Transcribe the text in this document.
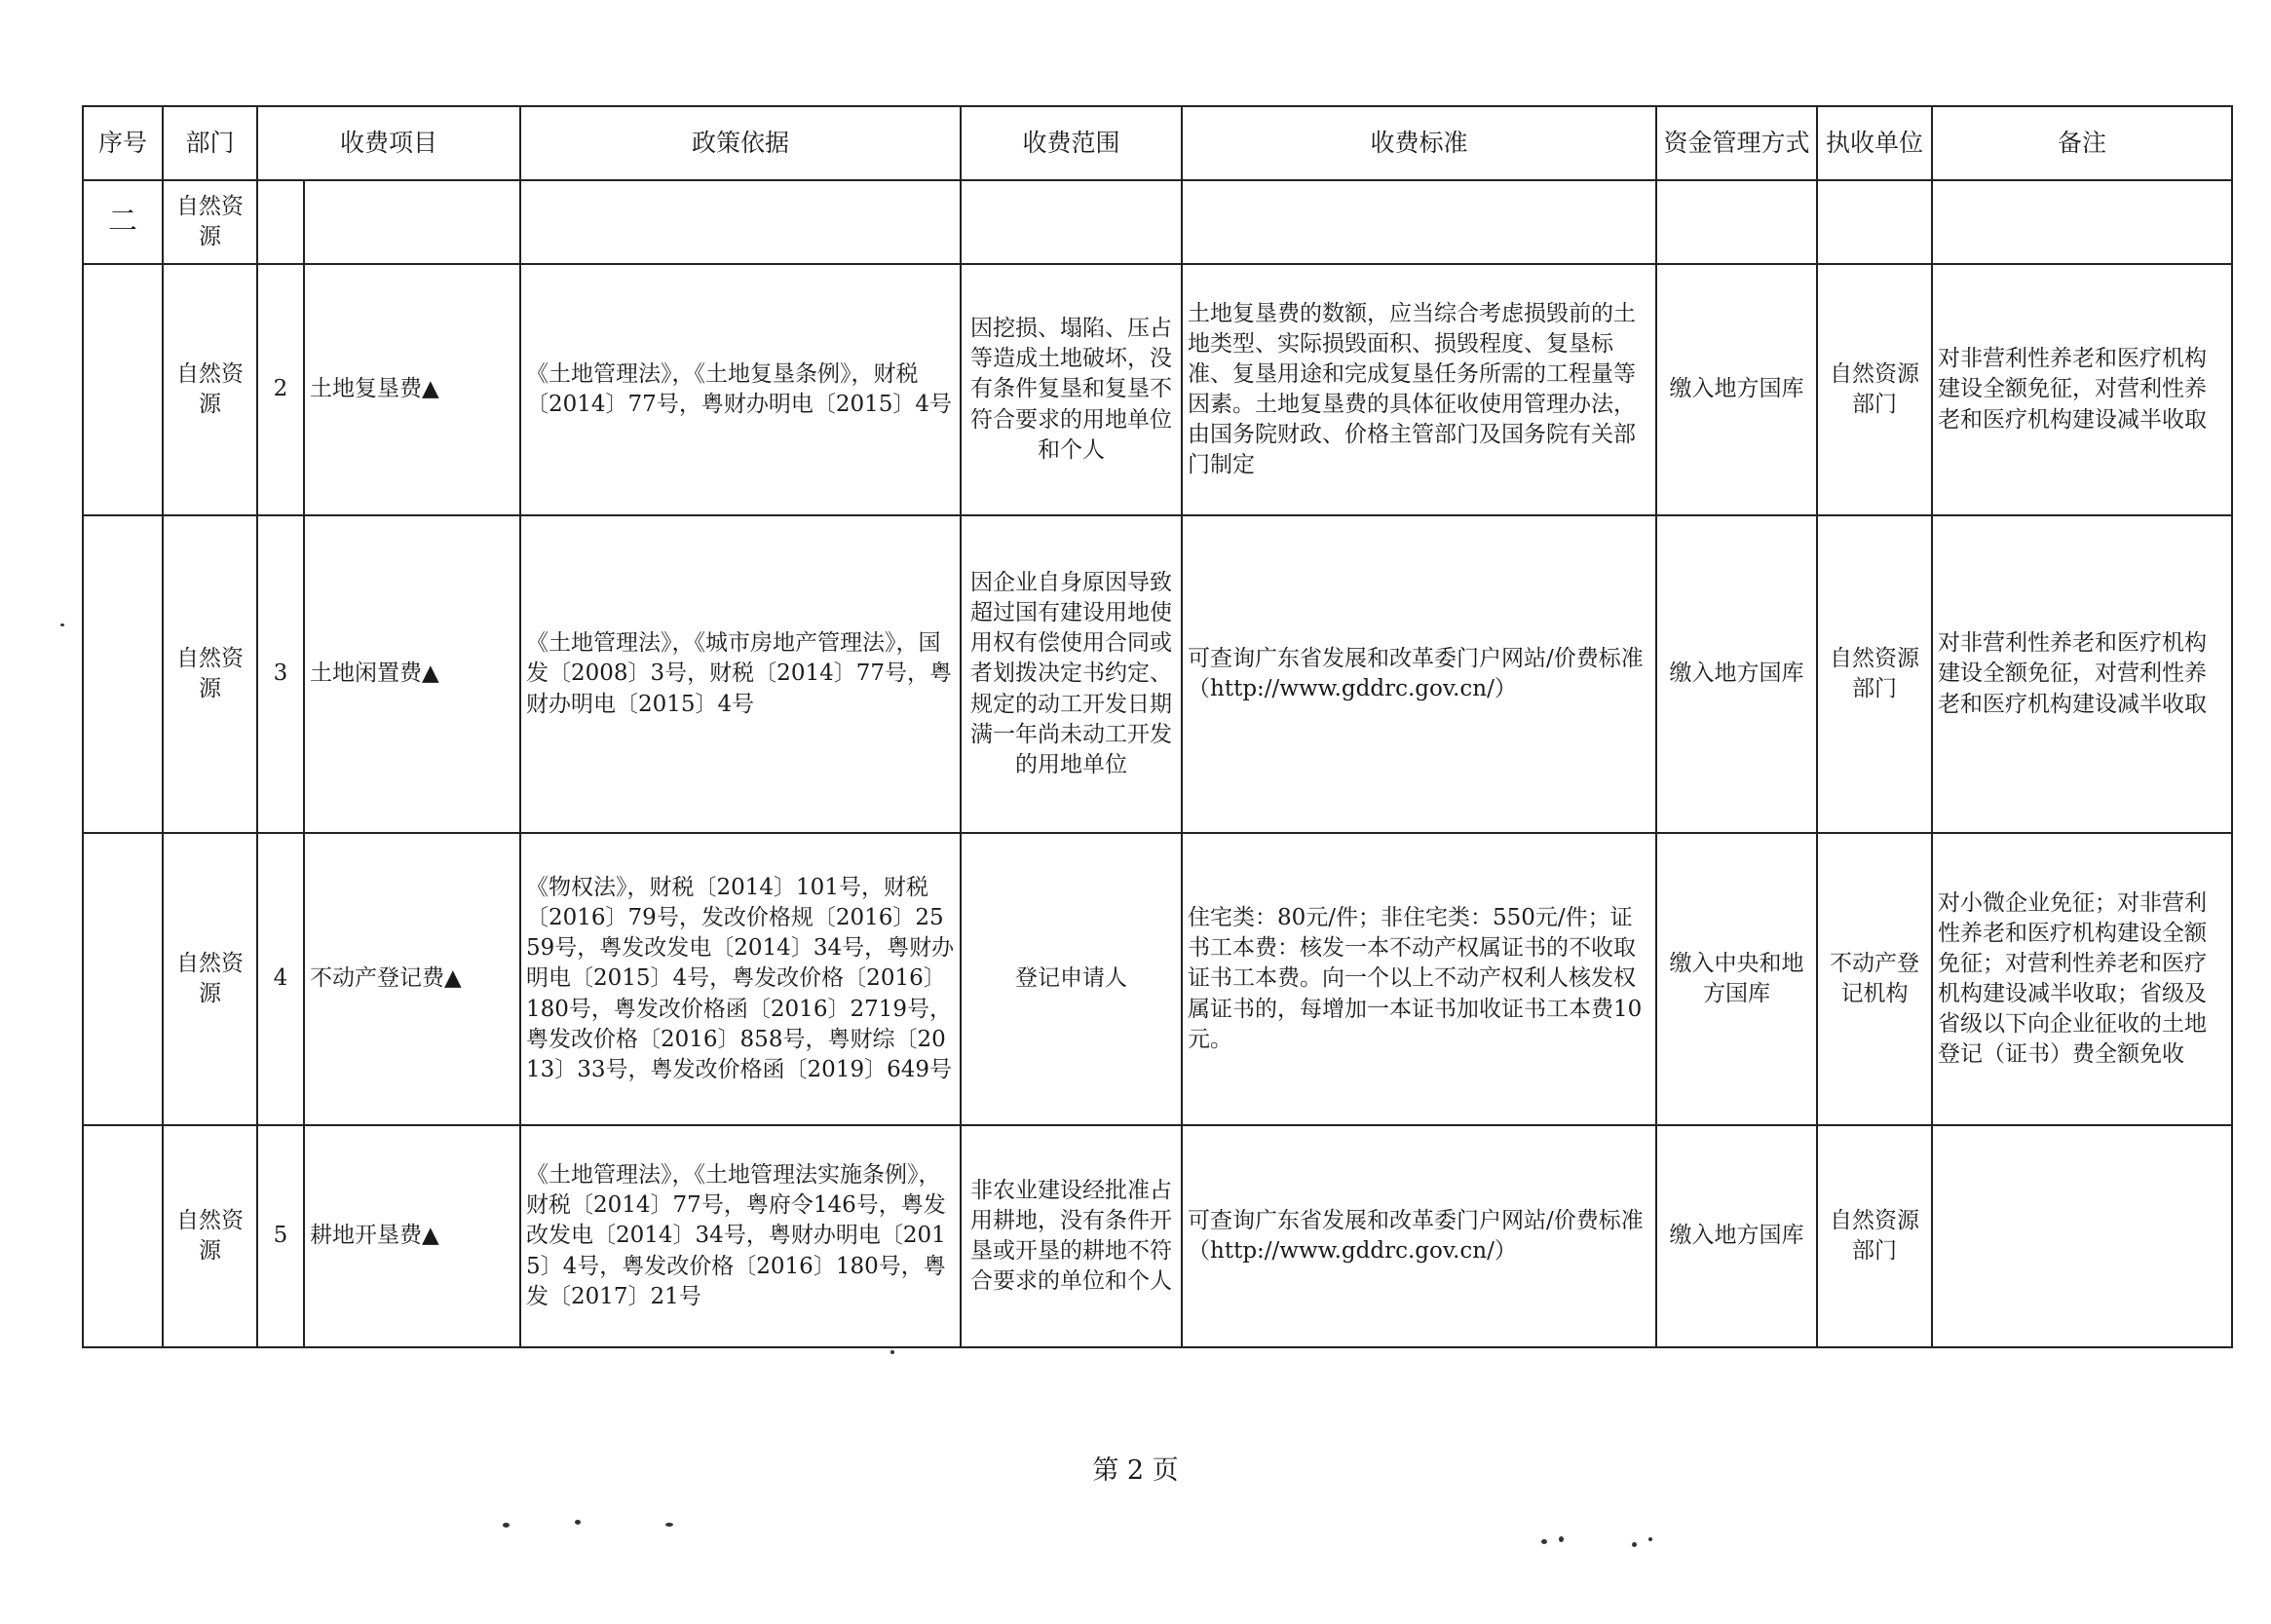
序号	部门	收费项目		政策依据	收费范围	收费标准	资金管理方式	执收单位	备注
二	自然资源								
	自然资源	2	土地复垦费▲	《土地管理法》，《土地复垦条例》，财税〔2014〕77号，粤财办明电〔2015〕4号	因挖损、塌陷、压占等造成土地破坏，没有条件复垦和复垦不符合要求的用地单位和个人	土地复垦费的数额，应当综合考虑损毁前的土地类型、实际损毁面积、损毁程度、复垦标准、复垦用途和完成复垦任务所需的工程量等因素。土地复垦费的具体征收使用管理办法，由国务院财政、价格主管部门及国务院有关部门制定	缴入地方国库	自然资源部门	对非营利性养老和医疗机构建设全额免征，对营利性养老和医疗机构建设减半收取
	自然资源	3	土地闲置费▲	《土地管理法》，《城市房地产管理法》，国发〔2008〕3号，财税〔2014〕77号，粤财办明电〔2015〕4号	因企业自身原因导致超过国有建设用地使用权有偿使用合同或者划拨决定书约定、规定的动工开发日期满一年尚未动工开发的用地单位	可查询广东省发展和改革委门户网站/价费标准（http://www.gddrc.gov.cn/）	缴入地方国库	自然资源部门	对非营利性养老和医疗机构建设全额免征，对营利性养老和医疗机构建设减半收取
	自然资源	4	不动产登记费▲	《物权法》，财税〔2014〕101号，财税〔2016〕79号，发改价格规〔2016〕2559号，粤发改发电〔2014〕34号，粤财办明电〔2015〕4号，粤发改价格〔2016〕180号，粤发改价格函〔2016〕2719号，粤发改价格〔2016〕858号，粤财综〔2013〕33号，粤发改价格函〔2019〕649号	登记申请人	住宅类：80元/件；非住宅类：550元/件；证书工本费：核发一本不动产权属证书的不收取证书工本费。向一个以上不动产权利人核发权属证书的，每增加一本证书加收证书工本费10元。	缴入中央和地方国库	不动产登记机构	对小微企业免征；对非营利性养老和医疗机构建设全额免征；对营利性养老和医疗机构建设减半收取；省级及省级以下向企业征收的土地登记（证书）费全额免收
	自然资源	5	耕地开垦费▲	《土地管理法》，《土地管理法实施条例》，财税〔2014〕77号，粤府令146号，粤发改发电〔2014〕34号，粤财办明电〔2015〕4号，粤发改价格〔2016〕180号，粤发〔2017〕21号	非农业建设经批准占用耕地，没有条件开垦或开垦的耕地不符合要求的单位和个人	可查询广东省发展和改革委门户网站/价费标准（http://www.gddrc.gov.cn/）	缴入地方国库	自然资源部门	
第 2 页
